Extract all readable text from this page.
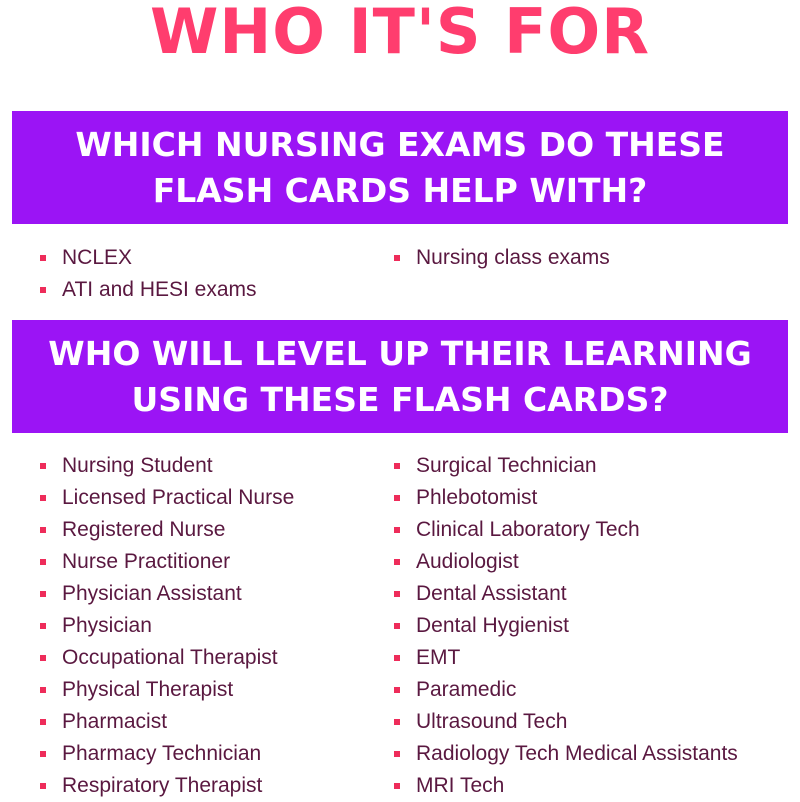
WHO IT'S FOR
WHICH NURSING EXAMS DO THESE
FLASH CARDS HELP WITH?
NCLEX
ATI and HESI exams
Nursing class exams
WHO WILL LEVEL UP THEIR LEARNING
USING THESE FLASH CARDS?
Nursing Student
Licensed Practical Nurse
Registered Nurse
Nurse Practitioner
Physician Assistant
Physician
Occupational Therapist
Physical Therapist
Pharmacist
Pharmacy Technician
Respiratory Therapist
Surgical Technician
Phlebotomist
Clinical Laboratory Tech
Audiologist
Dental Assistant
Dental Hygienist
EMT
Paramedic
Ultrasound Tech
Radiology Tech Medical Assistants
MRI Tech
